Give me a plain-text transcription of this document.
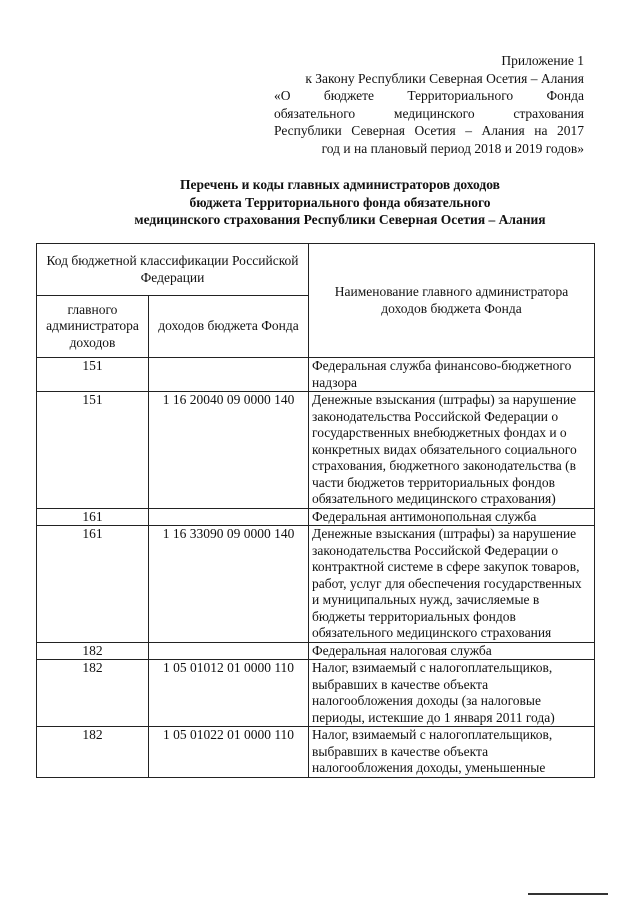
Приложение 1
к Закону Республики Северная Осетия – Алания
«О бюджете Территориального Фонда
обязательного медицинского страхования
Республики Северная Осетия – Алания на 2017
год и на плановый период 2018 и 2019 годов»
Перечень и коды главных администраторов доходов
бюджета Территориального фонда обязательного
медицинского страхования Республики Северная Осетия – Алания
Код бюджетной классификации Российской Федерации		Наименование главного администратора доходов бюджета Фонда
главного администратора доходов	доходов бюджета Фонда	
151		Федеральная служба финансово-бюджетного надзора
151	1 16 20040 09 0000 140	Денежные взыскания (штрафы) за нарушение законодательства Российской Федерации о государственных внебюджетных фондах и о конкретных видах обязательного социального страхования, бюджетного законодательства (в части бюджетов территориальных фондов обязательного медицинского страхования)
161		Федеральная антимонопольная служба
161	1 16 33090 09 0000 140	Денежные взыскания (штрафы) за нарушение законодательства Российской Федерации о контрактной системе в сфере закупок товаров, работ, услуг для обеспечения государственных и муниципальных нужд, зачисляемые в бюджеты территориальных фондов обязательного медицинского страхования
182		Федеральная налоговая служба
182	1 05 01012 01 0000 110	Налог, взимаемый с налогоплательщиков, выбравших в качестве объекта налогообложения доходы (за налоговые периоды, истекшие до 1 января 2011 года)
182	1 05 01022 01 0000 110	Налог, взимаемый с налогоплательщиков, выбравших в качестве объекта налогообложения доходы, уменьшенные
